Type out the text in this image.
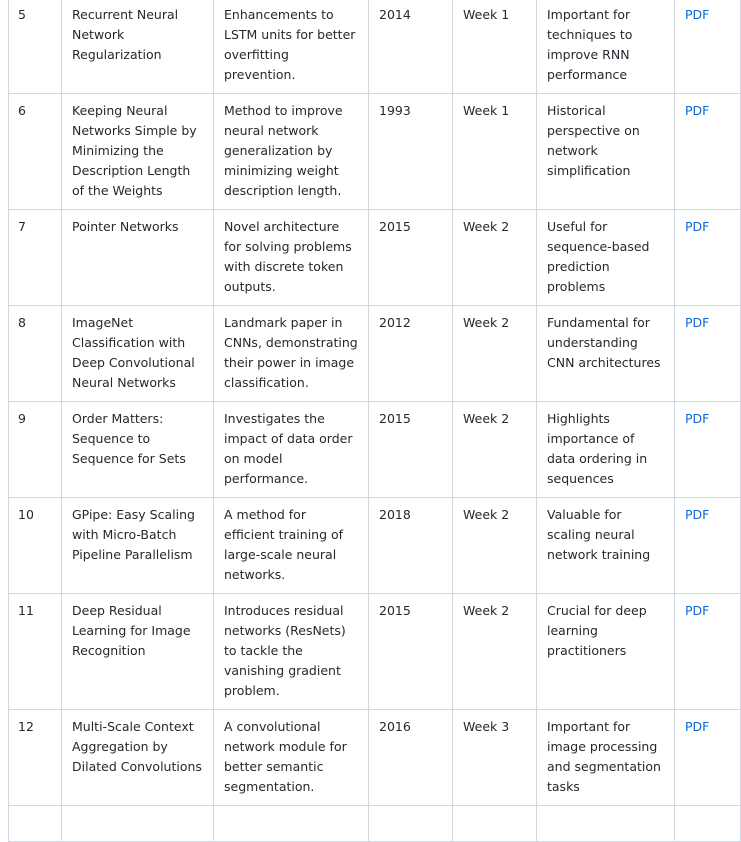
5	Recurrent Neural Network Regularization	Enhancements to LSTM units for better overfitting prevention.	2014	Week 1	Important for techniques to improve RNN performance	PDF
6	Keeping Neural Networks Simple by Minimizing the Description Length of the Weights	Method to improve neural network generalization by minimizing weight description length.	1993	Week 1	Historical perspective on network simplification	PDF
7	Pointer Networks	Novel architecture for solving problems with discrete token outputs.	2015	Week 2	Useful for sequence-based prediction problems	PDF
8	ImageNet Classification with Deep Convolutional Neural Networks	Landmark paper in CNNs, demonstrating their power in image classification.	2012	Week 2	Fundamental for understanding CNN architectures	PDF
9	Order Matters: Sequence to Sequence for Sets	Investigates the impact of data order on model performance.	2015	Week 2	Highlights importance of data ordering in sequences	PDF
10	GPipe: Easy Scaling with Micro-Batch Pipeline Parallelism	A method for efficient training of large-scale neural networks.	2018	Week 2	Valuable for scaling neural network training	PDF
11	Deep Residual Learning for Image Recognition	Introduces residual networks (ResNets) to tackle the vanishing gradient problem.	2015	Week 2	Crucial for deep learning practitioners	PDF
12	Multi-Scale Context Aggregation by Dilated Convolutions	A convolutional network module for better semantic segmentation.	2016	Week 3	Important for image processing and segmentation tasks	PDF
